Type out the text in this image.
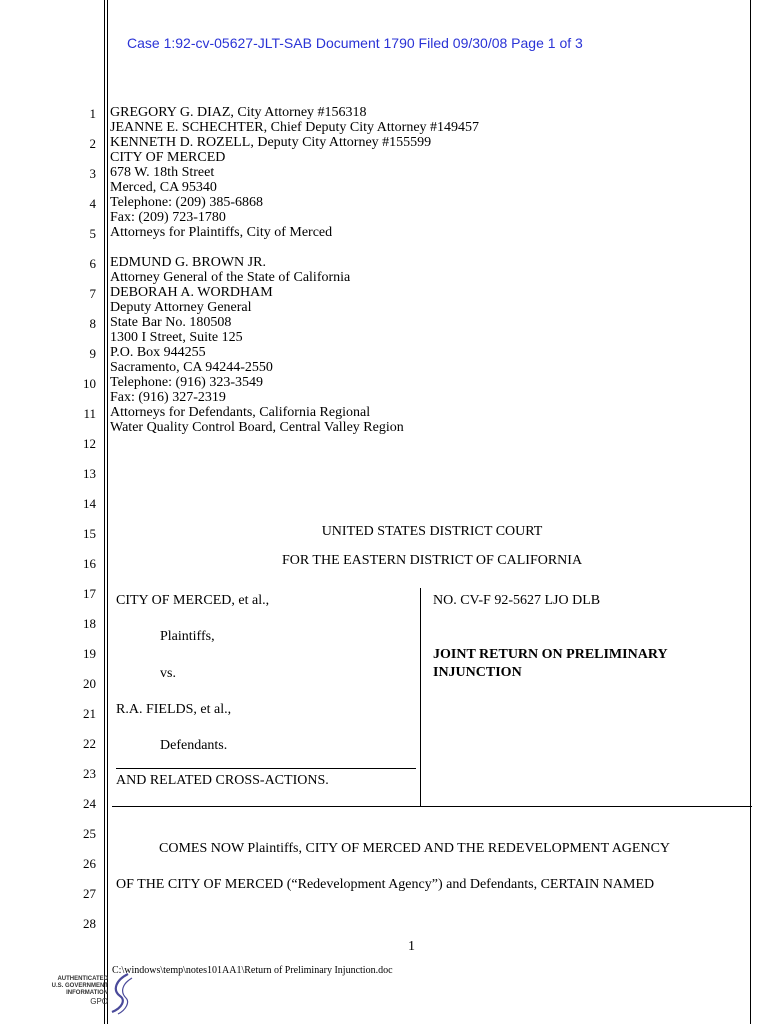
Case 1:92-cv-05627-JLT-SAB Document 1790 Filed 09/30/08 Page 1 of 3
1
2
3
4
5
6
7
8
9
10
11
12
13
14
15
16
17
18
19
20
21
22
23
24
25
26
27
28
GREGORY G. DIAZ, City Attorney #156318
JEANNE E. SCHECHTER, Chief Deputy City Attorney #149457
KENNETH D. ROZELL, Deputy City Attorney #155599
CITY OF MERCED
678 W. 18th Street
Merced, CA 95340
Telephone: (209) 385-6868
Fax: (209) 723-1780
Attorneys for Plaintiffs, City of Merced
EDMUND G. BROWN JR.
Attorney General of the State of California
DEBORAH A. WORDHAM
Deputy Attorney General
State Bar No. 180508
1300 I Street, Suite 125
P.O. Box 944255
Sacramento, CA 94244-2550
Telephone: (916) 323-3549
Fax: (916) 327-2319
Attorneys for Defendants, California Regional
Water Quality Control Board, Central Valley Region
UNITED STATES DISTRICT COURT
FOR THE EASTERN DISTRICT OF CALIFORNIA
CITY OF MERCED, et al.,
Plaintiffs,
vs.
R.A. FIELDS, et al.,
Defendants.
AND RELATED CROSS-ACTIONS.
NO. CV-F 92-5627 LJO DLB
JOINT RETURN ON PRELIMINARY
INJUNCTION
COMES NOW Plaintiffs, CITY OF MERCED AND THE REDEVELOPMENT AGENCY
OF THE CITY OF MERCED (“Redevelopment Agency”) and Defendants, CERTAIN NAMED
1
C:\windows\temp\notes101AA1\Return of Preliminary Injunction.doc
AUTHENTICATED
U.S. GOVERNMENT
INFORMATION
GPO
